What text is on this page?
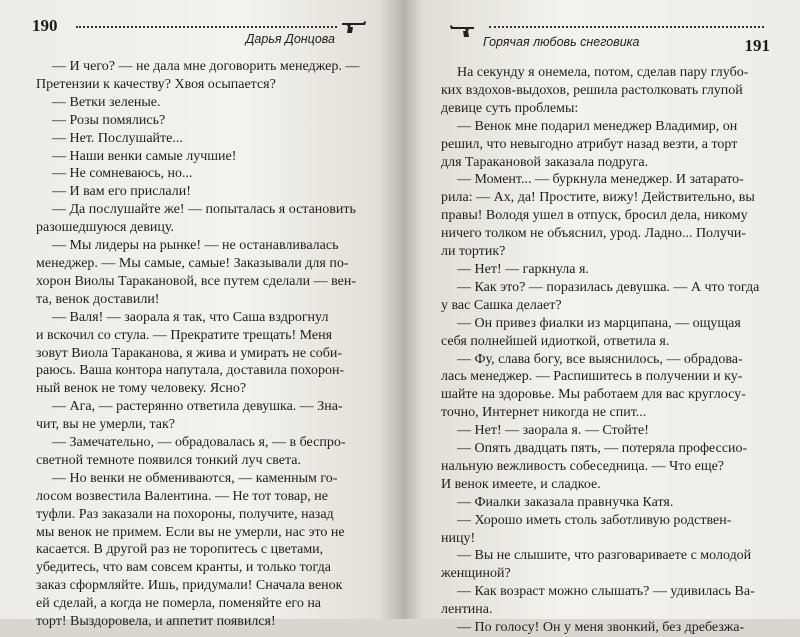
190
Дарья Донцова
— И чего? — не дала мне договорить менеджер. —
Претензии к качеству? Хвоя осыпается?
— Ветки зеленые.
— Розы помялись?
— Нет. Послушайте...
— Наши венки самые лучшие!
— Не сомневаюсь, но...
— И вам его прислали!
— Да послушайте же! — попыталась я остановить
разошедшуюся девицу.
— Мы лидеры на рынке! — не останавливалась
менеджер. — Мы самые, самые! Заказывали для по-
хорон Виолы Таракановой, все путем сделали — вен-
та, венок доставили!
— Валя! — заорала я так, что Саша вздрогнул
и вскочил со стула. — Прекратите трещать! Меня
зовут Виола Тараканова, я жива и умирать не соби-
раюсь. Ваша контора напутала, доставила похорон-
ный венок не тому человеку. Ясно?
— Ага, — растерянно ответила девушка. — Зна-
чит, вы не умерли, так?
— Замечательно, — обрадовалась я, — в беспро-
светной темноте появился тонкий луч света.
— Но венки не обмениваются, — каменным го-
лосом возвестила Валентина. — Не тот товар, не
туфли. Раз заказали на похороны, получите, назад
мы венок не примем. Если вы не умерли, нас это не
касается. В другой раз не торопитесь с цветами,
убедитесь, что вам совсем кранты, и только тогда
заказ сформляйте. Ишь, придумали! Сначала венок
ей сделай, а когда не померла, поменяйте его на
торт! Выздоровела, и аппетит появился!
Горячая любовь снеговика	191
На секунду я онемела, потом, сделав пару глубо-
ких вздохов-выдохов, решила растолковать глупой
девице суть проблемы:
— Венок мне подарил менеджер Владимир, он
решил, что невыгодно атрибут назад везти, а торт
для Таракановой заказала подруга.
— Момент... — буркнула менеджер. И затарато-
рила: — Ах, да! Простите, вижу! Действительно, вы
правы! Володя ушел в отпуск, бросил дела, никому
ничего толком не объяснил, урод. Ладно... Получи-
ли тортик?
— Нет! — гаркнула я.
— Как это? — поразилась девушка. — А что тогда
у вас Сашка делает?
— Он привез фиалки из марципана, — ощущая
себя полнейшей идиоткой, ответила я.
— Фу, слава богу, все выяснилось, — обрадова-
лась менеджер. — Распишитесь в получении и ку-
шайте на здоровье. Мы работаем для вас круглосу-
точно, Интернет никогда не спит...
— Нет! — заорала я. — Стойте!
— Опять двадцать пять, — потеряла профессио-
нальную вежливость собеседница. — Что еще?
И венок имеете, и сладкое.
— Фиалки заказала правнучка Катя.
— Хорошо иметь столь заботливую родствен-
ницу!
— Вы не слышите, что разговариваете с молодой
женщиной?
— Как возраст можно слышать? — удивилась Ва-
лентина.
— По голосу! Он у меня звонкий, без дребезжа-
